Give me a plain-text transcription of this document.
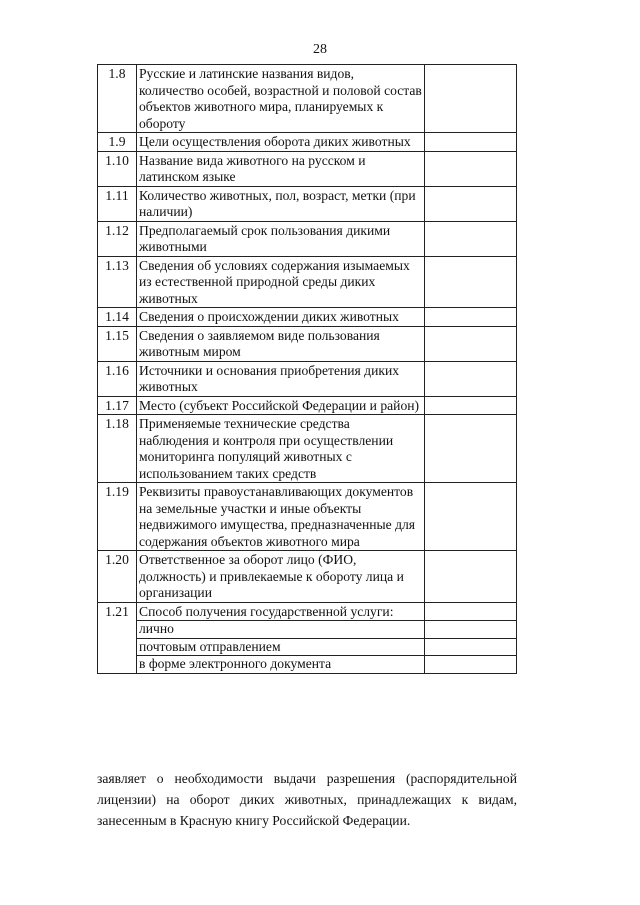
28
1.8	Русские и латинские названия видов, количество особей, возрастной и половой состав объектов животного мира, планируемых к обороту	
1.9	Цели осуществления оборота диких животных	
1.10	Название вида животного на русском и латинском языке	
1.11	Количество животных, пол, возраст, метки (при наличии)	
1.12	Предполагаемый срок пользования дикими животными	
1.13	Сведения об условиях содержания изымаемых из естественной природной среды диких животных	
1.14	Сведения о происхождении диких животных	
1.15	Сведения о заявляемом виде пользования животным миром	
1.16	Источники и основания приобретения диких животных	
1.17	Место (субъект Российской Федерации и район)	
1.18	Применяемые технические средства наблюдения и контроля при осуществлении мониторинга популяций животных с использованием таких средств	
1.19	Реквизиты правоустанавливающих документов на земельные участки и иные объекты недвижимого имущества, предназначенные для содержания объектов животного мира	
1.20	Ответственное за оборот лицо (ФИО, должность) и привлекаемые к обороту лица и организации	
1.21	Способ получения государственной услуги:	
	лично	
	почтовым отправлением	
	в форме электронного документа	
заявляет о необходимости выдачи разрешения (распорядительной лицензии) на оборот диких животных, принадлежащих к видам, занесенным в Красную книгу Российской Федерации.
